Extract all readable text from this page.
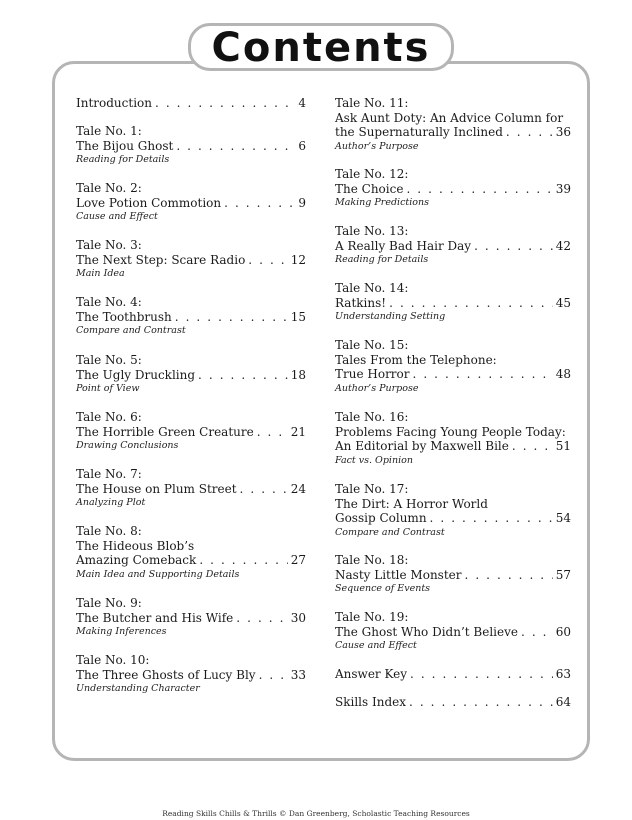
Contents
Introduction . . .	4
Tale No. 1:
The Bijou Ghost . . .	6
Reading for Details
Tale No. 2:
Love Potion Commotion . . .	9
Cause and Effect
Tale No. 3:
The Next Step: Scare Radio . . .	12
Main Idea
Tale No. 4:
The Toothbrush . . .	15
Compare and Contrast
Tale No. 5:
The Ugly Druckling . . .	18
Point of View
Tale No. 6:
The Horrible Green Creature . . .	21
Drawing Conclusions
Tale No. 7:
The House on Plum Street . . .	24
Analyzing Plot
Tale No. 8:
The Hideous Blob’s
Amazing Comeback . . .	27
Main Idea and Supporting Details
Tale No. 9:
The Butcher and His Wife . . .	30
Making Inferences
Tale No. 10:
The Three Ghosts of Lucy Bly . . .	33
Understanding Character
Tale No. 11:
Ask Aunt Doty: An Advice Column for
the Supernaturally Inclined . . .	36
Author’s Purpose
Tale No. 12:
The Choice . . .	39
Making Predictions
Tale No. 13:
A Really Bad Hair Day . . .	42
Reading for Details
Tale No. 14:
Ratkins! . . .	45
Understanding Setting
Tale No. 15:
Tales From the Telephone:
True Horror . . .	48
Author’s Purpose
Tale No. 16:
Problems Facing Young People Today:
An Editorial by Maxwell Bile . . .	51
Fact vs. Opinion
Tale No. 17:
The Dirt: A Horror World
Gossip Column . . .	54
Compare and Contrast
Tale No. 18:
Nasty Little Monster . . .	57
Sequence of Events
Tale No. 19:
The Ghost Who Didn’t Believe . . .	60
Cause and Effect
Answer Key . . .	63
Skills Index . . .	64
Reading Skills Chills & Thrills © Dan Greenberg, Scholastic Teaching Resources
